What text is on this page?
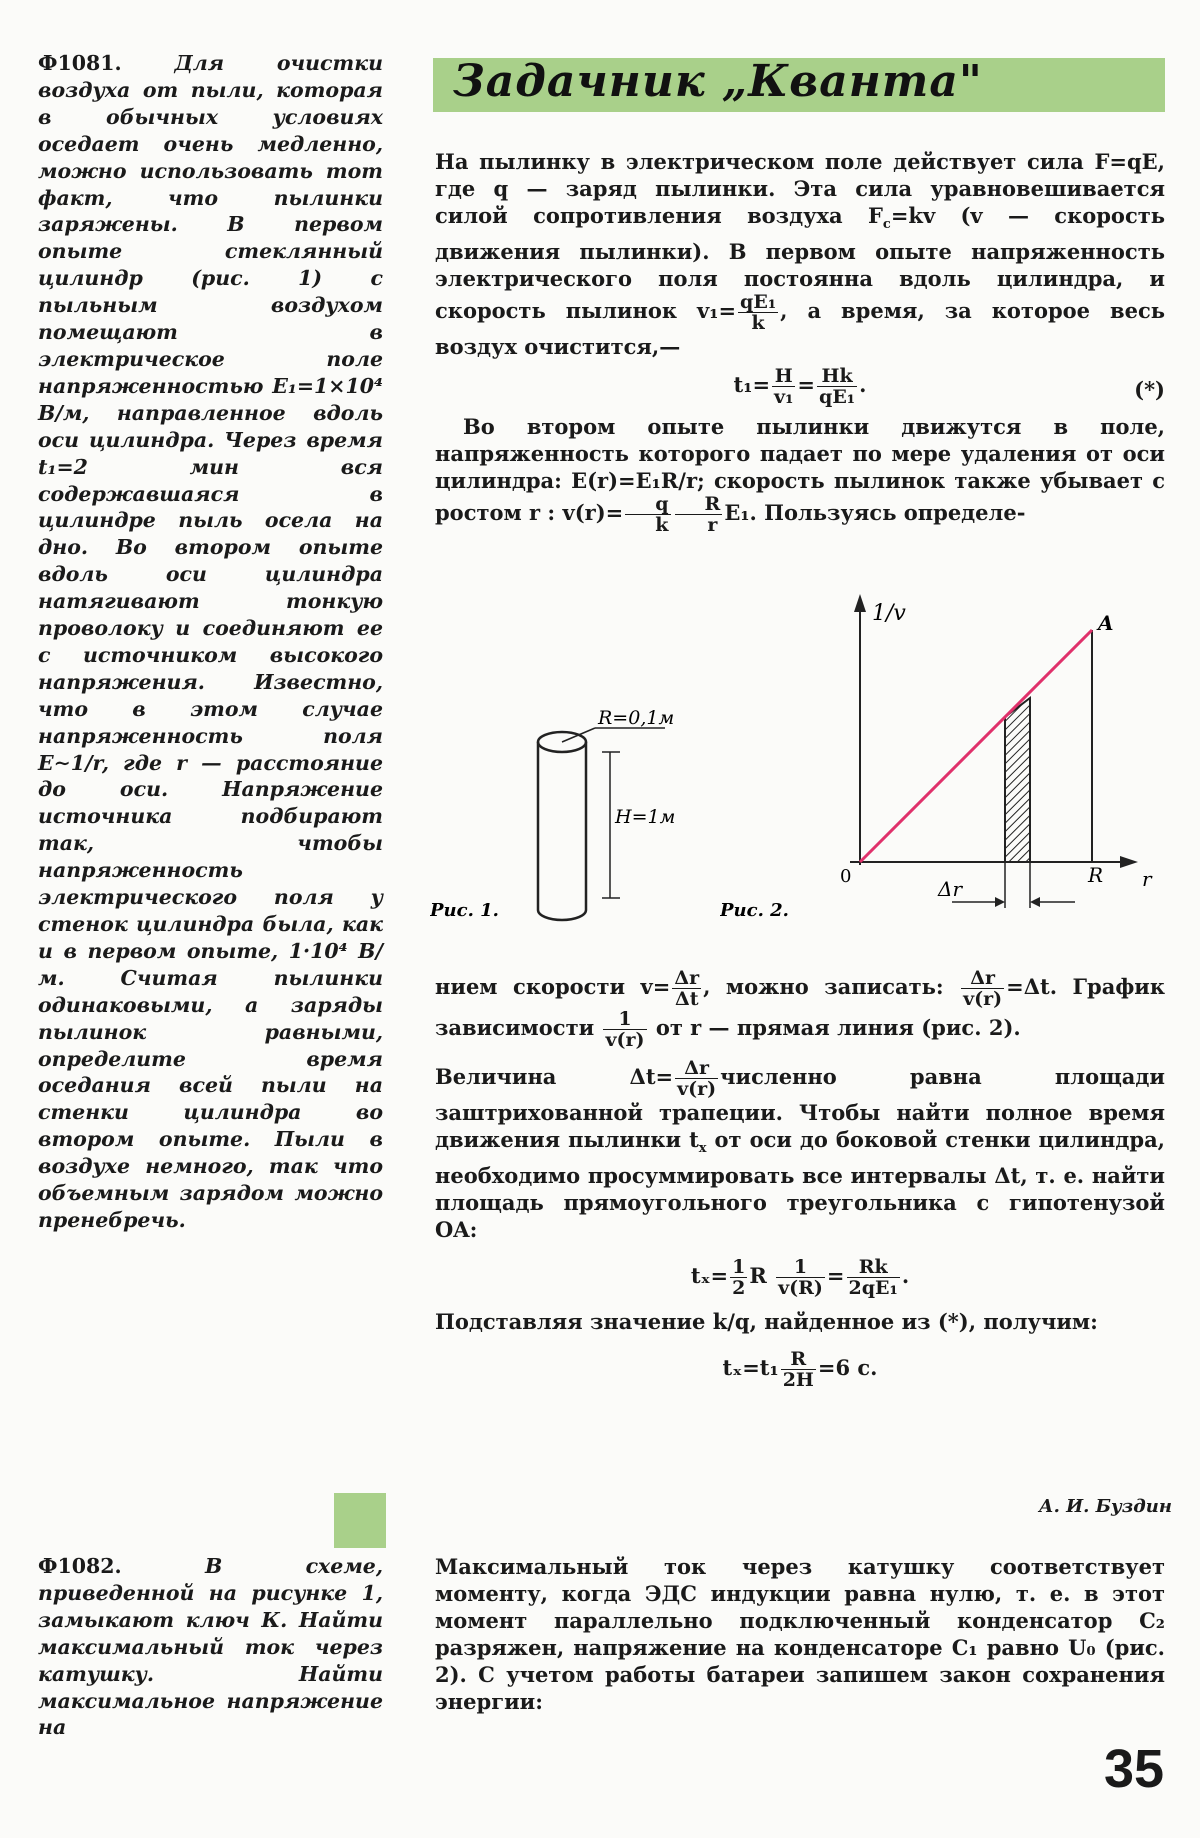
Ф1081.	Для очистки воздуха от пыли, которая в обычных условиях оседает очень медленно, можно использовать тот факт, что пылинки заряжены. В первом опыте стеклянный цилиндр (рис. 1) с пыльным воздухом помещают в электрическое поле напряженностью E₁=1×10⁴ В/м, направленное вдоль оси цилиндра. Через время t₁=2 мин вся содержавшаяся в цилиндре пыль осела на дно. Во втором опыте вдоль оси цилиндра натягивают тонкую проволоку и соединяют ее с источником высокого напряжения. Известно, что в этом случае напряженность поля E∼1/r, где r — расстояние до оси. Напряжение источника подбирают так, чтобы напряженность электрического поля у стенок цилиндра была, как и в первом опыте, 1·10⁴ В/м. Считая пылинки одинаковыми, а заряды пылинок равными, определите время оседания всей пыли на стенки цилиндра во втором опыте. Пыли в воздухе немного, так что объемным зарядом можно пренебречь.
Ф1082.	В схеме, приведенной на рисунке 1, замыкают ключ К. Найти максимальный ток через катушку. Найти максимальное напряжение на
Задачник „Кванта"

На пылинку в электрическом поле действует сила F=qE, где q — заряд пылинки. Эта сила уравновешивается силой сопротивления воздуха $F_c=kv$ (v — скорость движения пылинки). В первом опыте напряженность электрического поля постоянна вдоль цилиндра, и скорость пылинок $v_1= \frac{\text{qE₁}}{k}$ , а время, за которое весь воздух очистится,—

$t_1= \frac{H}{\text{v₁}} = \frac{Hk}{\text{qE₁}}$ .	(*)

Во втором опыте пылинки движутся в поле, напряженность которого падает по мере удаления от оси цилиндра: E(r)=E₁R/r; скорость пылинок также убывает с ростом r : $v(r)= \frac{q}{k} \frac{R}{r} E_1$. Пользуясь определе-

R=0,1м
H=1м
Рис. 1.
1/v
r
0	R
A
Δr
Рис. 2.

нием скорости $v= \frac{\Delta r}{\Delta t}$ , можно записать: $\frac{\Delta r}{v(r)} =\Delta t$. График зависимости $\frac{1}{v(r)}$ от r — прямая линия (рис. 2).

Величина $\Delta t= \frac{\Delta r}{v(r)}$ численно равна площади заштрихованной трапеции. Чтобы найти полное время движения пылинки $t_x$ от оси до боковой стенки цилиндра, необходимо просуммировать все интервалы Δt, т. е. найти площадь прямоугольного треугольника с гипотенузой OA:

$t_x= \frac{1}{2}$ R $\frac{1}{v(R)} = \frac{Rk}{\text{2qE₁}}$ .

Подставляя значение k/q, найденное из (*), получим:

$t_x=t_1 \frac{R}{2H} =6$ с.
А. И. Буздин

Максимальный ток через катушку соответствует моменту, когда ЭДС индукции равна нулю, т. е. в этот момент параллельно подключенный конденсатор C₂ разряжен, напряжение на конденсаторе C₁ равно U₀ (рис. 2). С учетом работы батареи запишем закон сохранения энергии:

35
